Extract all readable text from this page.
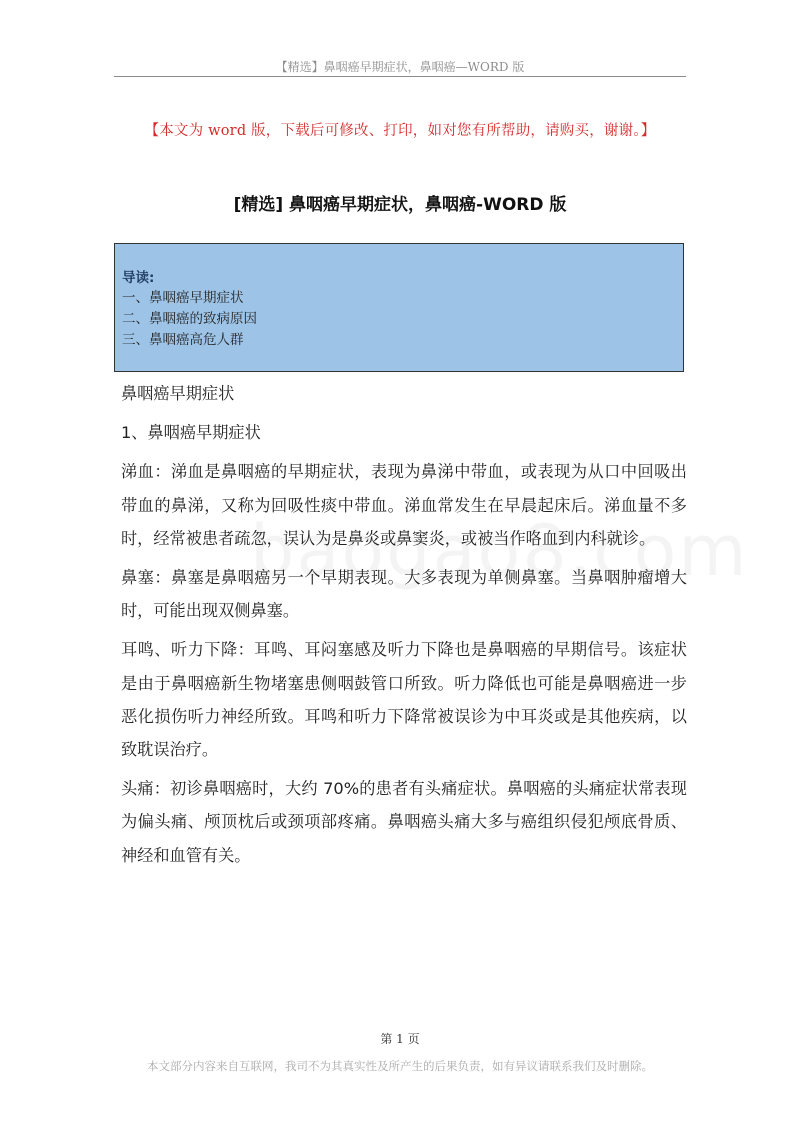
【精选】鼻咽癌早期症状，鼻咽癌—WORD 版
【本文为 word 版，下载后可修改、打印，如对您有所帮助，请购买，谢谢。】
[精选] 鼻咽癌早期症状，鼻咽癌-WORD 版
导读:
一、鼻咽癌早期症状
二、鼻咽癌的致病原因
三、鼻咽癌高危人群

鼻咽癌早期症状

1、鼻咽癌早期症状

涕血：涕血是鼻咽癌的早期症状，表现为鼻涕中带血，或表现为从口中回吸出带血的鼻涕，又称为回吸性痰中带血。涕血常发生在早晨起床后。涕血量不多时，经常被患者疏忽，误认为是鼻炎或鼻窦炎，或被当作咯血到内科就诊。

鼻塞：鼻塞是鼻咽癌另一个早期表现。大多表现为单侧鼻塞。当鼻咽肿瘤增大时，可能出现双侧鼻塞。

耳鸣、听力下降：耳鸣、耳闷塞感及听力下降也是鼻咽癌的早期信号。该症状是由于鼻咽癌新生物堵塞患侧咽鼓管口所致。听力降低也可能是鼻咽癌进一步恶化损伤听力神经所致。耳鸣和听力下降常被误诊为中耳炎或是其他疾病，以致耽误治疗。

头痛：初诊鼻咽癌时，大约 70%的患者有头痛症状。鼻咽癌的头痛症状常表现为偏头痛、颅顶枕后或颈项部疼痛。鼻咽癌头痛大多与癌组织侵犯颅底骨质、神经和血管有关。

第 1 页
本文部分内容来自互联网，我司不为其真实性及所产生的后果负责，如有异议请联系我们及时删除。
